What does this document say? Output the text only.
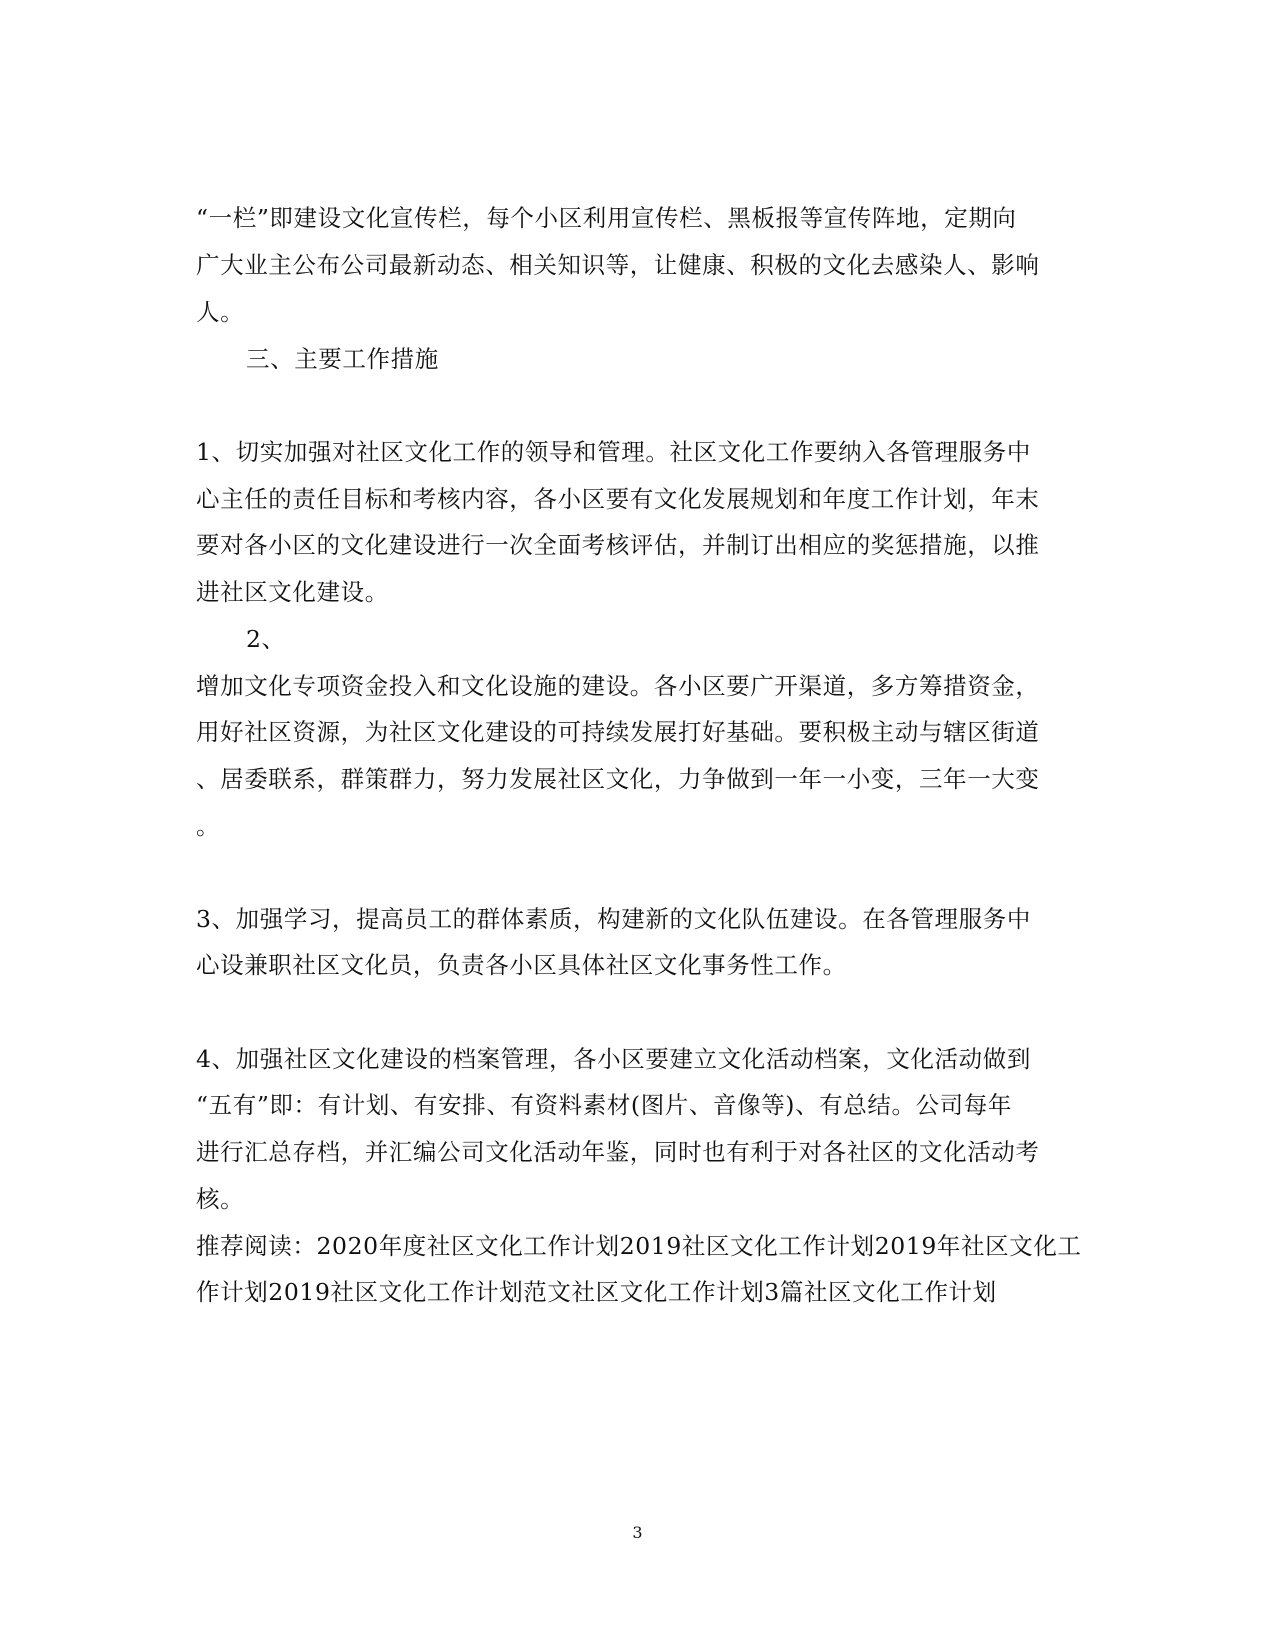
“一栏”即建设文化宣传栏，每个小区利用宣传栏、黑板报等宣传阵地，定期向
广大业主公布公司最新动态、相关知识等，让健康、积极的文化去感染人、影响
人。
三、主要工作措施
1、切实加强对社区文化工作的领导和管理。社区文化工作要纳入各管理服务中
心主任的责任目标和考核内容，各小区要有文化发展规划和年度工作计划，年末
要对各小区的文化建设进行一次全面考核评估，并制订出相应的奖惩措施，以推
进社区文化建设。
2、
增加文化专项资金投入和文化设施的建设。各小区要广开渠道，多方筹措资金，
用好社区资源，为社区文化建设的可持续发展打好基础。要积极主动与辖区街道
、居委联系，群策群力，努力发展社区文化，力争做到一年一小变，三年一大变
。
3、加强学习，提高员工的群体素质，构建新的文化队伍建设。在各管理服务中
心设兼职社区文化员，负责各小区具体社区文化事务性工作。
4、加强社区文化建设的档案管理，各小区要建立文化活动档案，文化活动做到
“五有”即：有计划、有安排、有资料素材(图片、音像等)、有总结。公司每年
进行汇总存档，并汇编公司文化活动年鉴，同时也有利于对各社区的文化活动考
核。
推荐阅读：2020年度社区文化工作计划2019社区文化工作计划2019年社区文化工
作计划2019社区文化工作计划范文社区文化工作计划3篇社区文化工作计划
3
